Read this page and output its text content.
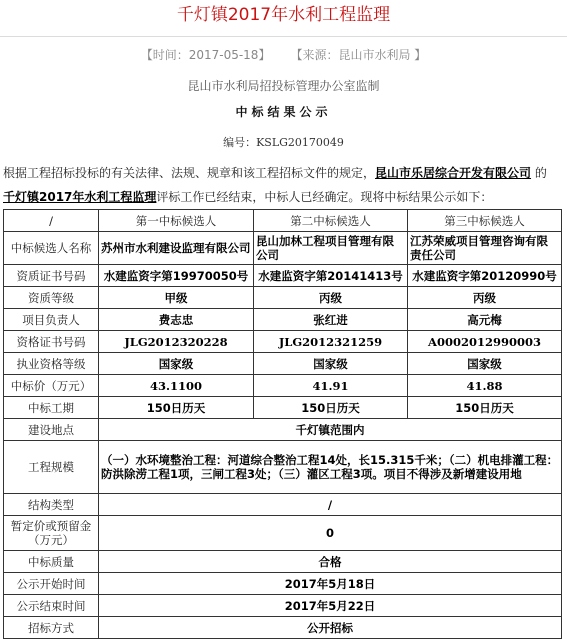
千灯镇2017年水利工程监理
【时间：2017-05-18】 【来源：昆山市水利局 】
昆山市水利局招投标管理办公室监制
中标结果公示
编号：KSLG20170049
根据工程招标投标的有关法律、法规、规章和该工程招标文件的规定，昆山市乐居综合开发有限公司 的
千灯镇2017年水利工程监理评标工作已经结束，中标人已经确定。现将中标结果公示如下：
/	第一中标候选人	第二中标候选人	第三中标候选人
中标候选人名称	苏州市水利建设监理有限公司	昆山加林工程项目管理有限公司	江苏荣威项目管理咨询有限责任公司
资质证书号码	水建监资字第19970050号	水建监资字第20141413号	水建监资字第20120990号
资质等级	甲级	丙级	丙级
项目负责人	费志忠	张红进	高元梅
资格证书号码	JLG2012320228	JLG2012321259	A0002012990003
执业资格等级	国家级	国家级	国家级
中标价（万元）	43.1100	41.91	41.88
中标工期	150日历天	150日历天	150日历天
建设地点	千灯镇范围内		
工程规模	（一）水环境整治工程：河道综合整治工程14处，长15.315千米；（二）机电排灌工程：防洪除涝工程1项，三闸工程3处；（三）灌区工程3项。项目不得涉及新增建设用地		
结构类型	/		
暂定价或预留金（万元）	0		
中标质量	合格		
公示开始时间	2017年5月18日		
公示结束时间	2017年5月22日		
招标方式	公开招标		
